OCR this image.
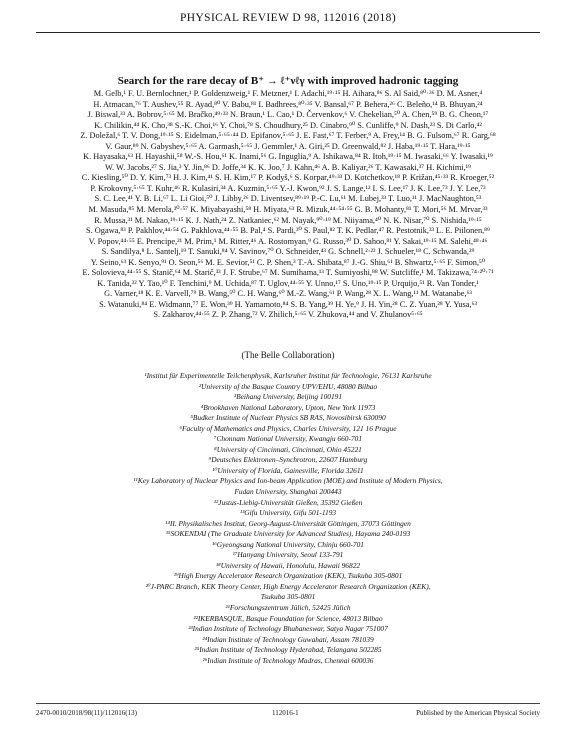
PHYSICAL REVIEW D 98, 112016 (2018)
Search for the rare decay of B⁺ → ℓ⁺νℓγ with improved hadronic tagging
M. Gelb,¹ F. U. Bernlochner,¹ P. Goldenzweig,¹ F. Metzner,¹ I. Adachi,¹⁹·¹⁵ H. Aihara,⁸⁶ S. Al Said,⁸⁰·³⁶ D. M. Asner,⁴
H. Atmacan,⁷⁶ T. Aushev,⁵⁵ R. Ayad,⁸⁰ V. Babu,⁸¹ I. Badhrees,⁸⁰·³⁵ V. Bansal,⁶⁷ P. Behera,²⁶ C. Beleño,¹⁴ B. Bhuyan,²⁴
J. Biswal,³³ A. Bobrov,⁵·⁶⁵ M. Bračko,⁴⁹·³³ N. Braun,¹ L. Cao,¹ D. Červenkov,⁶ V. Chekelian,⁵⁰ A. Chen,⁵⁹ B. G. Cheon,¹⁷
K. Chilikin,⁴⁴ K. Cho,³⁸ S.-K. Choi,¹⁶ Y. Choi,⁷⁸ S. Choudhury,²⁵ D. Cinabro,⁹⁰ S. Cunliffe,⁹ N. Dash,²³ S. Di Carlo,⁴²
Z. Doležal,⁶ T. V. Dong,¹⁹·¹⁵ S. Eidelman,⁵·⁶⁵·⁴⁴ D. Epifanov,⁵·⁶⁵ J. E. Fast,⁶⁷ T. Ferber,⁹ A. Frey,¹⁴ B. G. Fulsom,⁶⁷ R. Garg,⁶⁸
V. Gaur,⁸⁹ N. Gabyshev,⁵·⁶⁵ A. Garmash,⁵·⁶⁵ J. Gemmler,¹ A. Giri,²⁵ D. Greenwald,⁸² J. Haba,¹⁹·¹⁵ T. Hara,¹⁹·¹⁵
K. Hayasaka,⁶³ H. Hayashii,⁵⁸ W.-S. Hou,⁶¹ K. Inami,⁵⁶ G. Inguglia,⁹ A. Ishikawa,⁸⁴ R. Itoh,¹⁹·¹⁵ M. Iwasaki,⁶⁶ Y. Iwasaki,¹⁹
W. W. Jacobs,²⁷ S. Jia,³ Y. Jin,⁸⁶ D. Joffe,³⁴ K. K. Joo,⁷ J. Kahn,⁴⁶ A. B. Kaliyar,²⁶ T. Kawasaki,³⁷ H. Kichimi,¹⁹
C. Kiesling,⁵⁰ D. Y. Kim,⁷³ H. J. Kim,⁴¹ S. H. Kim,¹⁷ P. Kodyš,⁶ S. Korpar,⁴⁹·³³ D. Kotchetkov,¹⁸ P. Križan,⁴⁵·³³ R. Kroeger,⁵²
P. Krokovny,⁵·⁶⁵ T. Kuhr,⁴⁶ R. Kulasiri,³⁴ A. Kuzmin,⁵·⁶⁵ Y.-J. Kwon,⁹² J. S. Lange,¹² I. S. Lee,¹⁷ J. K. Lee,⁷³ J. Y. Lee,⁷³
S. C. Lee,⁴¹ Y. B. Li,⁶⁷ L. Li Gioi,⁵⁰ J. Libby,²⁶ D. Liventsev,⁸⁹·¹⁹ P.-C. Lu,⁶¹ M. Lubej,³³ T. Luo,¹¹ J. MacNaughton,⁵³
M. Masuda,⁸⁵ M. Merola,³⁰·⁵⁷ K. Miyabayashi,⁵⁸ H. Miyata,⁶³ R. Mizuk,⁴⁴·⁵⁴·⁵⁵ G. B. Mohanty,⁸¹ T. Mori,⁵⁶ M. Mrvar,³³
R. Mussa,³¹ M. Nakao,¹⁹·¹⁵ K. J. Nath,²⁴ Z. Natkaniec,⁶² M. Nayak,⁹⁰·¹⁹ M. Niiyama,⁴⁰ N. K. Nisar,⁷⁰ S. Nishida,¹⁹·¹⁵
S. Ogawa,⁸³ P. Pakhlov,⁴⁴·⁵⁴ G. Pakhlova,⁴⁴·⁵⁵ B. Pal,⁴ S. Pardi,³⁰ S. Paul,⁸² T. K. Pedlar,⁴⁷ R. Pestotnik,³³ L. E. Piilonen,⁸⁹
V. Popov,⁴⁴·⁵⁵ E. Prencipe,²¹ M. Prim,¹ M. Ritter,⁴⁶ A. Rostomyan,⁹ G. Russo,³⁰ D. Sahoo,⁸¹ Y. Sakai,¹⁹·¹⁵ M. Salehi,⁴⁸·⁴⁶
S. Sandilya,⁸ L. Santelj,¹⁹ T. Sanuki,⁸⁴ V. Savinov,⁷⁰ O. Schneider,⁴³ G. Schnell,²·²² J. Schueler,¹⁸ C. Schwanda,²⁹
Y. Seino,⁶³ K. Senyo,⁹¹ O. Seon,⁵⁶ M. E. Sevior,⁵¹ C. P. Shen,³ T.-A. Shibata,⁸⁷ J.-G. Shiu,⁶¹ B. Shwartz,⁵·⁶⁵ F. Simon,⁵⁰
E. Solovieva,⁴⁴·⁵⁵ S. Stanič,⁶⁴ M. Starič,³³ J. F. Strube,⁶⁷ M. Sumihama,¹³ T. Sumiyoshi,⁸⁸ W. Sutcliffe,¹ M. Takizawa,⁷⁴·²⁰·⁷¹
K. Tanida,³² Y. Tao,¹⁰ F. Tenchini,⁹ M. Uchida,⁸⁷ T. Uglov,⁴⁴·⁵⁵ Y. Unno,¹⁷ S. Uno,¹⁹·¹⁵ P. Urquijo,⁵¹ R. Van Tonder,¹
G. Varner,¹⁸ K. E. Varvell,⁷⁹ B. Wang,⁵⁰ C. H. Wang,⁶⁰ M.-Z. Wang,⁶¹ P. Wang,²⁸ X. L. Wang,¹¹ M. Watanabe,⁶³
S. Watanuki,⁸⁴ E. Widmann,⁷⁷ E. Won,³⁹ H. Yamamoto,⁸⁴ S. B. Yang,³⁹ H. Ye,⁹ J. H. Yin,²⁸ C. Z. Yuan,²⁸ Y. Yusa,⁶³
S. Zakharov,⁴⁴·⁵⁵ Z. P. Zhang,⁷² V. Zhilich,⁵·⁶⁵ V. Zhukova,⁴⁴ and V. Zhulanov⁵·⁶⁵
(The Belle Collaboration)
¹Institut für Experimentelle Teilchenphysik, Karlsruher Institut für Technologie, 76131 Karlsruhe
²University of the Basque Country UPV/EHU, 48080 Bilbao
³Beihang University, Beijing 100191
⁴Brookhaven National Laboratory, Upton, New York 11973
⁵Budker Institute of Nuclear Physics SB RAS, Novosibirsk 630090
⁶Faculty of Mathematics and Physics, Charles University, 121 16 Prague
⁷Chonnam National University, Kwangju 660-701
⁸University of Cincinnati, Cincinnati, Ohio 45221
⁹Deutsches Elektronen–Synchrotron, 22607 Hamburg
¹⁰University of Florida, Gainesville, Florida 32611
¹¹Key Laboratory of Nuclear Physics and Ion-beam Application (MOE) and Institute of Modern Physics,
Fudan University, Shanghai 200443
¹²Justus-Liebig-Universität Gießen, 35392 Gießen
¹³Gifu University, Gifu 501-1193
¹⁴II. Physikalisches Institut, Georg-August-Universität Göttingen, 37073 Göttingen
¹⁵SOKENDAI (The Graduate University for Advanced Studies), Hayama 240-0193
¹⁶Gyeongsang National University, Chinju 660-701
¹⁷Hanyang University, Seoul 133-791
¹⁸University of Hawaii, Honolulu, Hawaii 96822
¹⁹High Energy Accelerator Research Organization (KEK), Tsukuba 305-0801
²⁰J-PARC Branch, KEK Theory Center, High Energy Accelerator Research Organization (KEK),
Tsukuba 305-0801
²¹Forschungszentrum Jülich, 52425 Jülich
²²IKERBASQUE, Basque Foundation for Science, 48013 Bilbao
²³Indian Institute of Technology Bhubaneswar, Satya Nagar 751007
²⁴Indian Institute of Technology Guwahati, Assam 781039
²⁵Indian Institute of Technology Hyderabad, Telangana 502285
²⁶Indian Institute of Technology Madras, Chennai 600036
2470-0010/2018/98(11)/112016(13)	112016-1	Published by the American Physical Society
